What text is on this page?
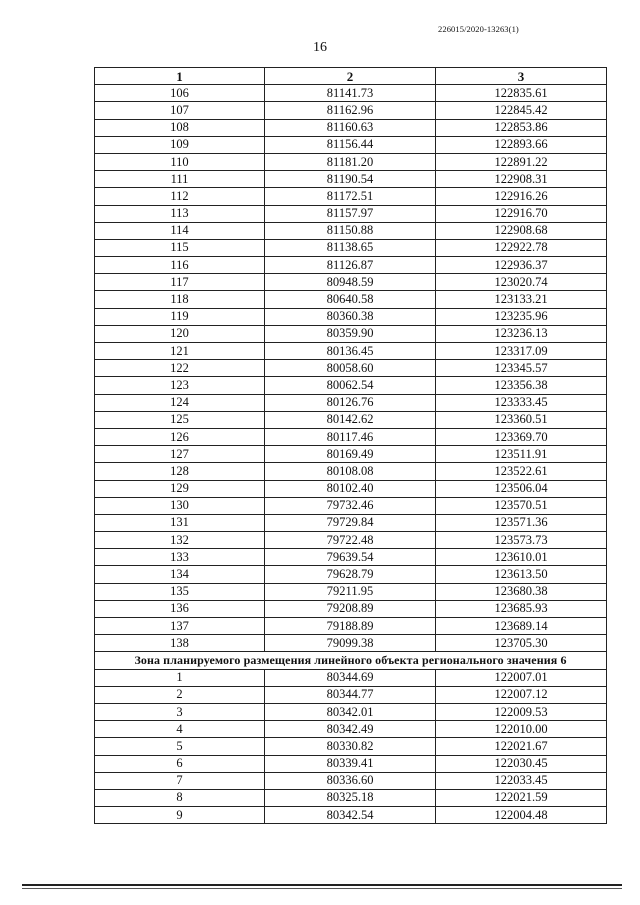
226015/2020-13263(1)
16
1	2	3
106	81141.73	122835.61
107	81162.96	122845.42
108	81160.63	122853.86
109	81156.44	122893.66
110	81181.20	122891.22
111	81190.54	122908.31
112	81172.51	122916.26
113	81157.97	122916.70
114	81150.88	122908.68
115	81138.65	122922.78
116	81126.87	122936.37
117	80948.59	123020.74
118	80640.58	123133.21
119	80360.38	123235.96
120	80359.90	123236.13
121	80136.45	123317.09
122	80058.60	123345.57
123	80062.54	123356.38
124	80126.76	123333.45
125	80142.62	123360.51
126	80117.46	123369.70
127	80169.49	123511.91
128	80108.08	123522.61
129	80102.40	123506.04
130	79732.46	123570.51
131	79729.84	123571.36
132	79722.48	123573.73
133	79639.54	123610.01
134	79628.79	123613.50
135	79211.95	123680.38
136	79208.89	123685.93
137	79188.89	123689.14
138	79099.38	123705.30
Зона планируемого размещения линейного объекта регионального значения 6		
1	80344.69	122007.01
2	80344.77	122007.12
3	80342.01	122009.53
4	80342.49	122010.00
5	80330.82	122021.67
6	80339.41	122030.45
7	80336.60	122033.45
8	80325.18	122021.59
9	80342.54	122004.48
